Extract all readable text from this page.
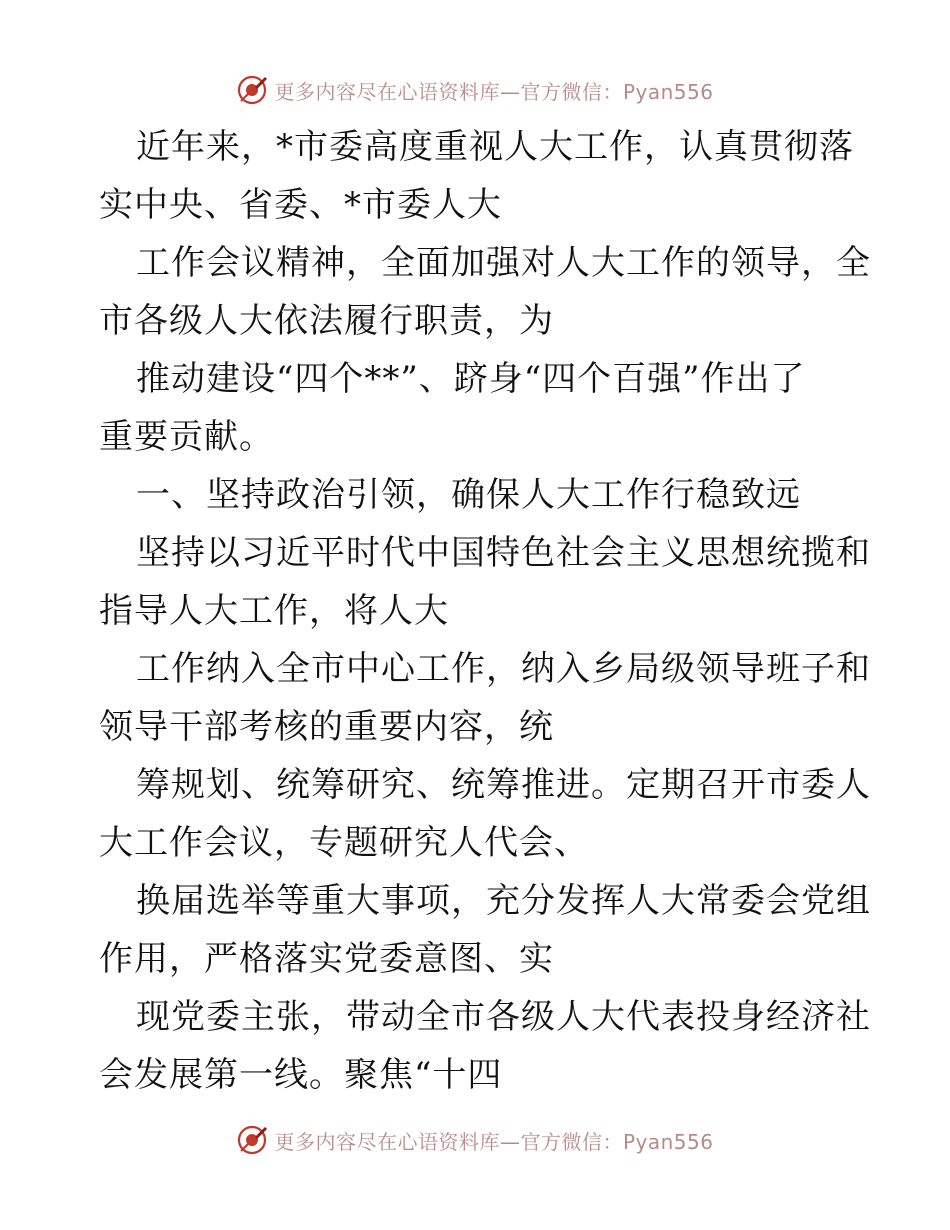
更多内容尽在心语资料库—官方微信：Pyan556
近年来，*市委高度重视人大工作，认真贯彻落
实中央、省委、*市委人大
工作会议精神，全面加强对人大工作的领导，全
市各级人大依法履行职责，为
推动建设“四个**”、跻身“四个百强”作出了
重要贡献。
一、坚持政治引领，确保人大工作行稳致远
坚持以习近平时代中国特色社会主义思想统揽和
指导人大工作，将人大
工作纳入全市中心工作，纳入乡局级领导班子和
领导干部考核的重要内容，统
筹规划、统筹研究、统筹推进。定期召开市委人
大工作会议，专题研究人代会、
换届选举等重大事项，充分发挥人大常委会党组
作用，严格落实党委意图、实
现党委主张，带动全市各级人大代表投身经济社
会发展第一线。聚焦“十四
更多内容尽在心语资料库—官方微信：Pyan556
